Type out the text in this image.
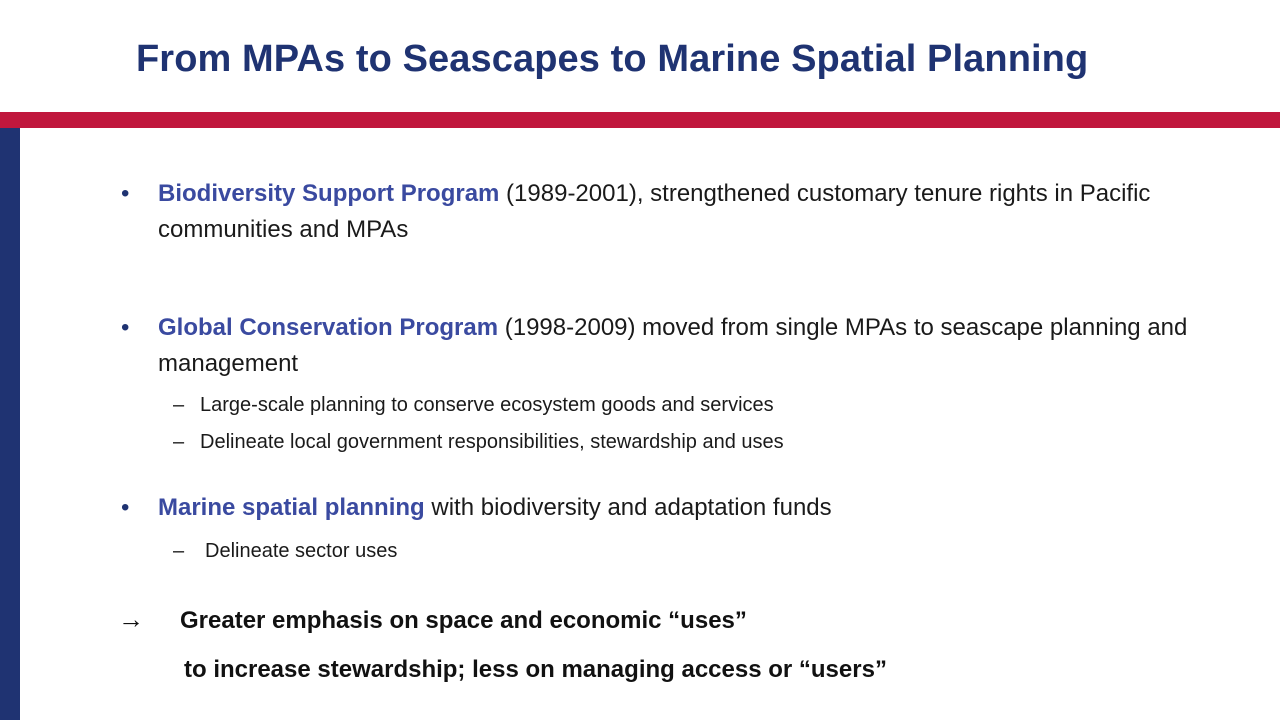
From MPAs to Seascapes to Marine Spatial Planning
• Biodiversity Support Program (1989-2001), strengthened customary tenure rights in Pacific communities and MPAs
• Global Conservation Program (1998-2009) moved from single MPAs to seascape planning and management
– Large-scale planning to conserve ecosystem goods and services
– Delineate local government responsibilities, stewardship and uses
• Marine spatial planning with biodiversity and adaptation funds
– Delineate sector uses
→ Greater emphasis on space and economic “uses”
to increase stewardship; less on managing access or “users”
